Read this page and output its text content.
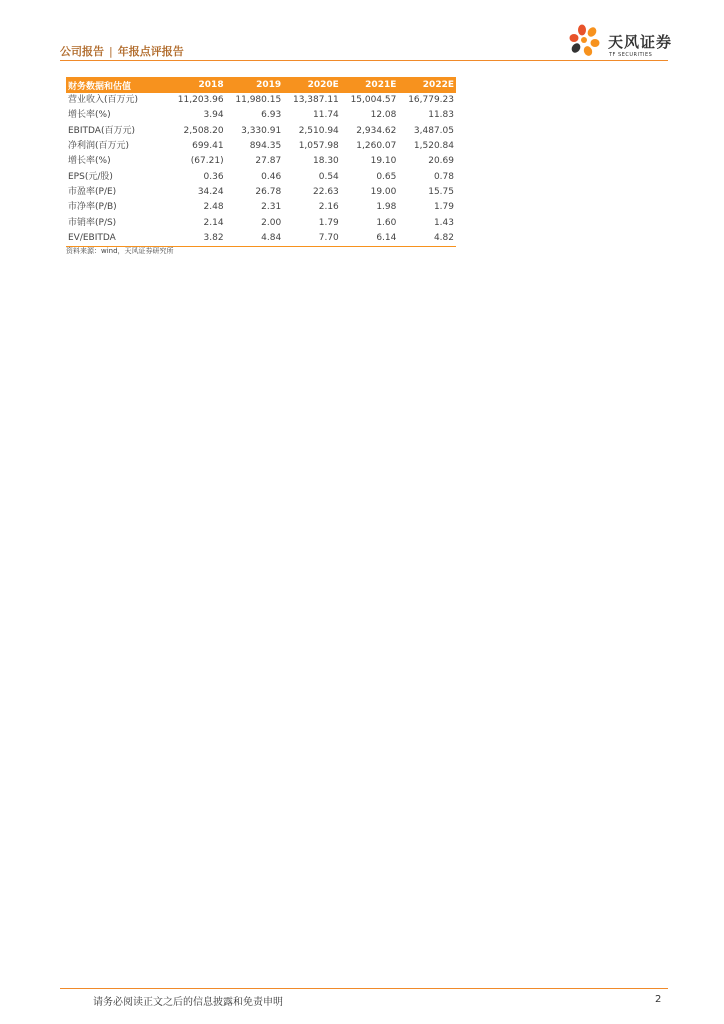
公司报告 | 年报点评报告
天风证券
TF SECURITIES
财务数据和估值	2018	2019	2020E	2021E	2022E
营业收入(百万元)	11,203.96	11,980.15	13,387.11	15,004.57	16,779.23
增长率(%)	3.94	6.93	11.74	12.08	11.83
EBITDA(百万元)	2,508.20	3,330.91	2,510.94	2,934.62	3,487.05
净利润(百万元)	699.41	894.35	1,057.98	1,260.07	1,520.84
增长率(%)	(67.21)	27.87	18.30	19.10	20.69
EPS(元/股)	0.36	0.46	0.54	0.65	0.78
市盈率(P/E)	34.24	26.78	22.63	19.00	15.75
市净率(P/B)	2.48	2.31	2.16	1.98	1.79
市销率(P/S)	2.14	2.00	1.79	1.60	1.43
EV/EBITDA	3.82	4.84	7.70	6.14	4.82
资料来源：wind，天风证券研究所
请务必阅读正文之后的信息披露和免责申明	2
